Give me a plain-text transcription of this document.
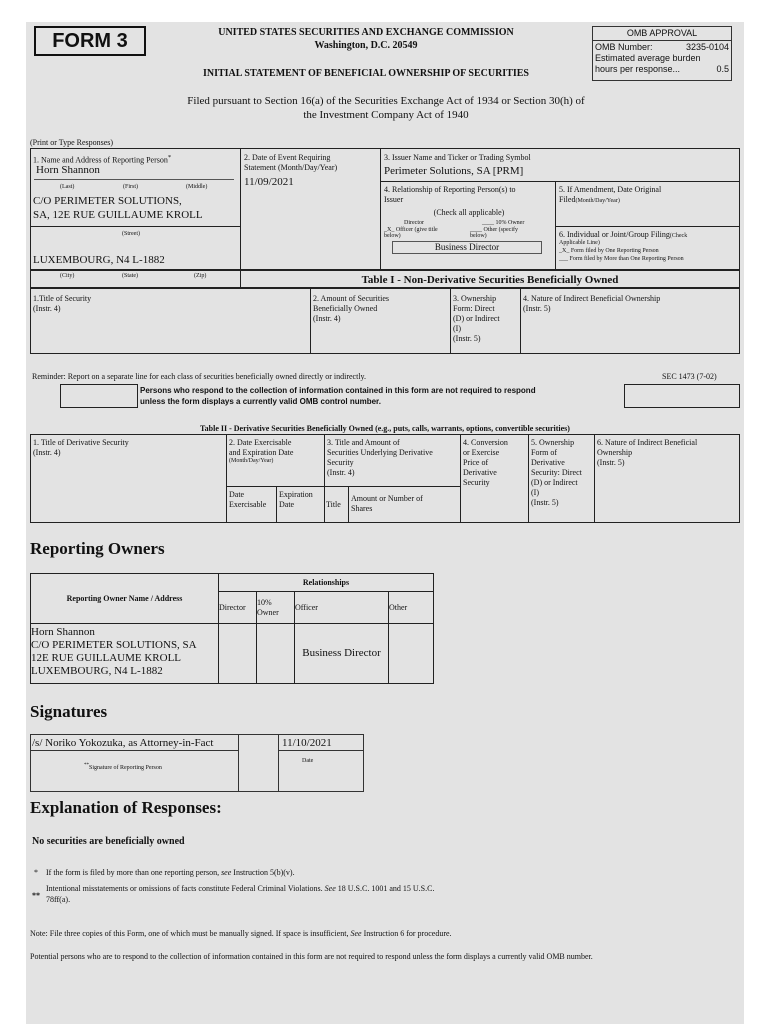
FORM 3	UNITED STATES SECURITIES AND EXCHANGE COMMISSION
Washington, D.C. 20549
INITIAL STATEMENT OF BENEFICIAL OWNERSHIP OF SECURITIES
OMB APPROVAL
OMB Number:	3235-0104
Estimated average burden
hours per response...	0.5
Filed pursuant to Section 16(a) of the Securities Exchange Act of 1934 or Section 30(h) of
the Investment Company Act of 1940
(Print or Type Responses)
1. Name and Address of Reporting Person*
Horn Shannon
(Last)	(First)	(Middle)
C/O PERIMETER SOLUTIONS,
SA, 12E RUE GUILLAUME KROLL
(Street)
LUXEMBOURG, N4 L-1882
2. Date of Event Requiring
Statement (Month/Day/Year)
11/09/2021
3. Issuer Name and Ticker or Trading Symbol
Perimeter Solutions, SA [PRM]
4. Relationship of Reporting Person(s) to
Issuer
(Check all applicable)
Director	____ 10% Owner
_X_ Officer (give title
below)
____ Other (specify
below)
Business Director
5. If Amendment, Date Original
Filed(Month/Day/Year)
6. Individual or Joint/Group Filing(Check
Applicable Line)
_X_ Form filed by One Reporting Person
___ Form filed by More than One Reporting Person
(City)	(State)	(Zip)	Table I - Non-Derivative Securities Beneficially Owned
1.Title of Security
(Instr. 4)
2. Amount of Securities
Beneficially Owned
(Instr. 4)
3. Ownership
Form: Direct
(D) or Indirect
(I)
(Instr. 5)
4. Nature of Indirect Beneficial Ownership
(Instr. 5)
Reminder: Report on a separate line for each class of securities beneficially owned directly or indirectly.	SEC 1473 (7-02)
Persons who respond to the collection of information contained in this form are not required to respond
unless the form displays a currently valid OMB control number.
Table II - Derivative Securities Beneficially Owned (e.g., puts, calls, warrants, options, convertible securities)
1. Title of Derivative Security
(Instr. 4)
2. Date Exercisable
and Expiration Date
(Month/Day/Year)
3. Title and Amount of
Securities Underlying Derivative
Security
(Instr. 4)
4. Conversion
or Exercise
Price of
Derivative
Security
5. Ownership
Form of
Derivative
Security: Direct
(D) or Indirect
(I)
(Instr. 5)
6. Nature of Indirect Beneficial
Ownership
(Instr. 5)
Date
Exercisable
Expiration
Date	Title
Amount or Number of
Shares
Reporting Owners
Reporting Owner Name / Address	Relationships			
	Director	10%
Owner	Officer	Other

Horn Shannon
C/O PERIMETER SOLUTIONS, SA
12E RUE GUILLAUME KROLL
LUXEMBOURG, N4 L-1882			Business Director	
Signatures
/s/ Noriko Yokozuka, as Attorney-in-Fact
**Signature of Reporting Person
11/10/2021
Date
Explanation of Responses:
No securities are beneficially owned
* If the form is filed by more than one reporting person, see Instruction 5(b)(v).
**
Intentional misstatements or omissions of facts constitute Federal Criminal Violations. See 18 U.S.C. 1001 and 15 U.S.C.
78ff(a).
Note: File three copies of this Form, one of which must be manually signed. If space is insufficient, See Instruction 6 for procedure.
Potential persons who are to respond to the collection of information contained in this form are not required to respond unless the form displays a currently valid OMB number.
